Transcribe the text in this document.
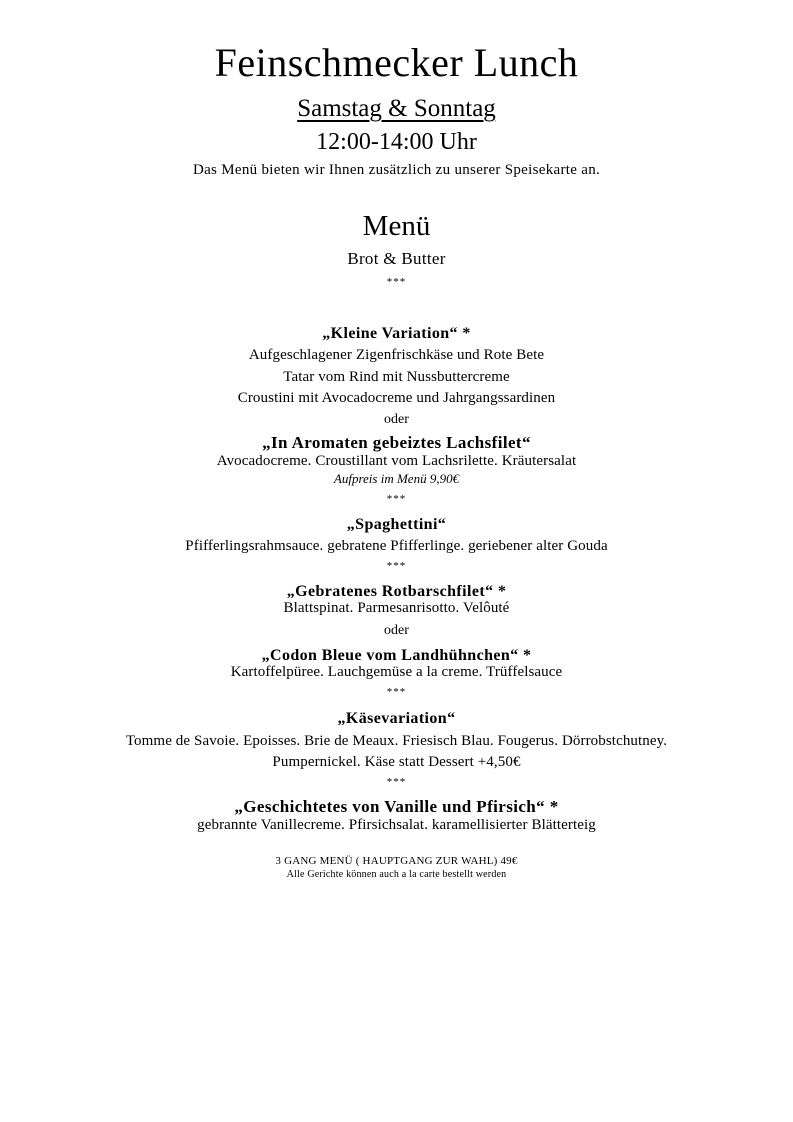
Feinschmecker Lunch
Samstag & Sonntag
12:00-14:00 Uhr
Das Menü bieten wir Ihnen zusätzlich zu unserer Speisekarte an.
Menü
Brot & Butter
***
„Kleine Variation“ *
Aufgeschlagener Zigenfrischkäse und Rote Bete
Tatar vom Rind mit Nussbuttercreme
Croustini mit Avocadocreme und Jahrgangssardinen
oder
„In Aromaten gebeiztes Lachsfilet“
Avocadocreme. Croustillant vom Lachsrilette. Kräutersalat
Aufpreis im Menü 9,90€
***
„Spaghettini“
Pfifferlingsrahmsauce. gebratene Pfifferlinge. geriebener alter Gouda
***
„Gebratenes Rotbarschfilet“ *
Blattspinat. Parmesanrisotto. Velôuté
oder
„Codon Bleue vom Landhühnchen“ *
Kartoffelpüree. Lauchgemüse a la creme. Trüffelsauce
***
„Käsevariation“
Tomme de Savoie. Epoisses. Brie de Meaux. Friesisch Blau. Fougerus. Dörrobstchutney.
Pumpernickel. Käse statt Dessert +4,50€
***
„Geschichtetes von Vanille und Pfirsich“ *
gebrannte Vanillecreme. Pfirsichsalat. karamellisierter Blätterteig
3 GANG MENÜ ( HAUPTGANG ZUR WAHL) 49€
Alle Gerichte können auch a la carte bestellt werden
